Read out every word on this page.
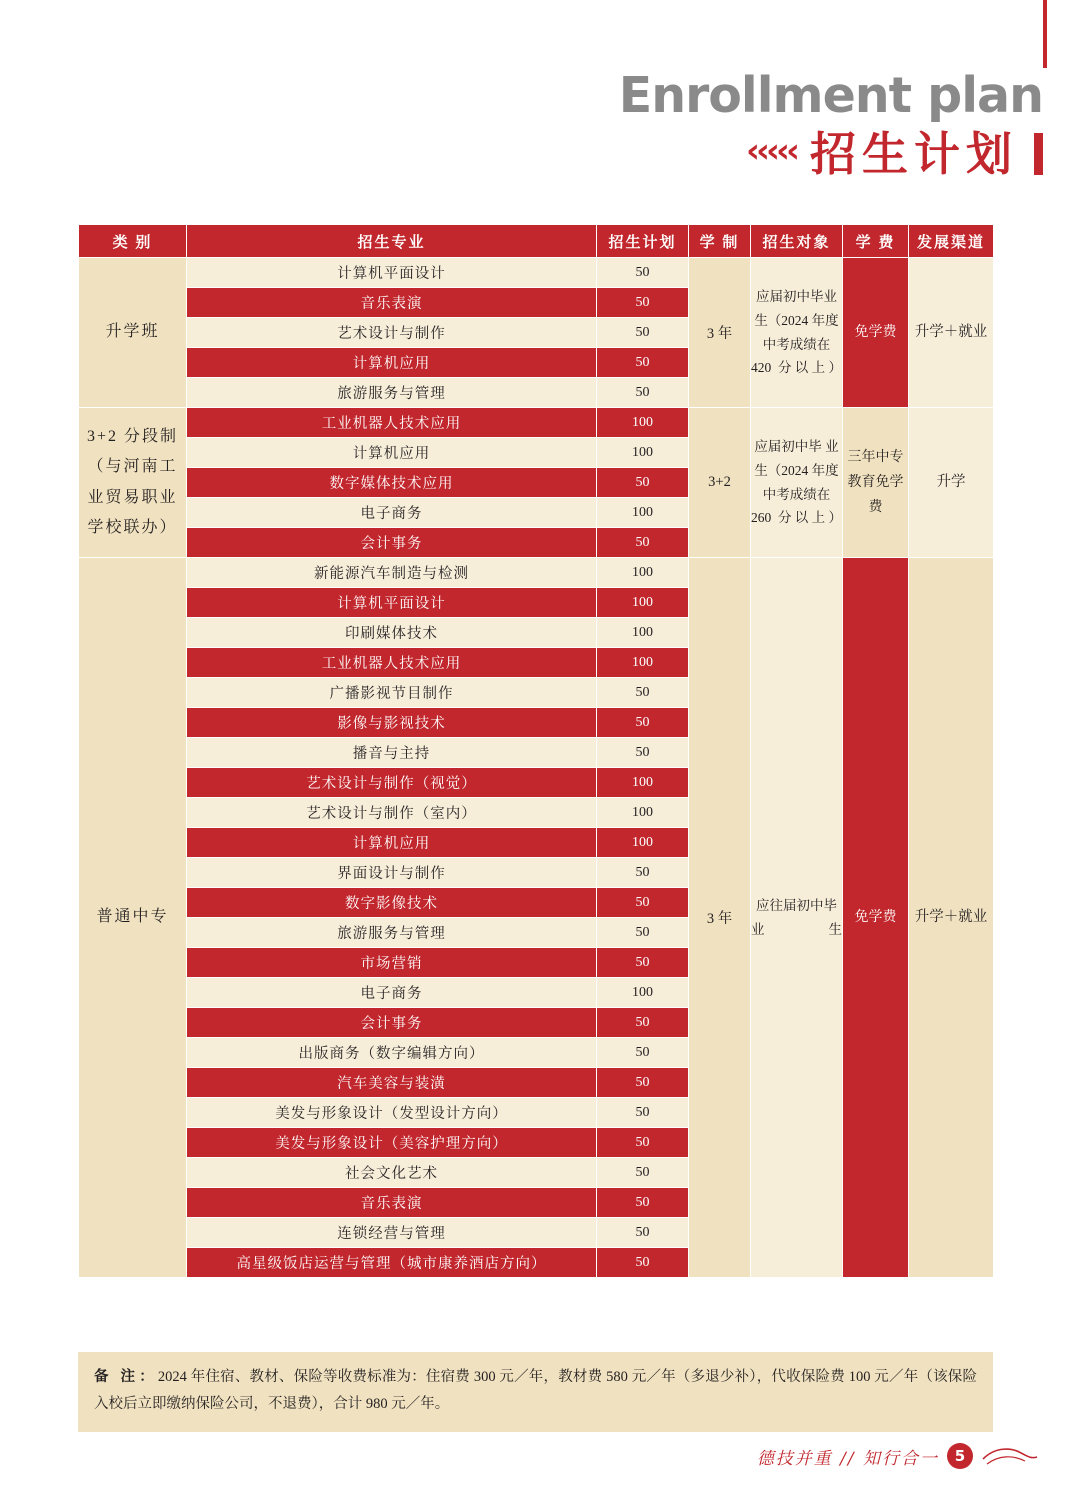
Enrollment plan

‹‹‹‹‹ 招生计划
类 别	招生专业	招生计划	学 制	招生对象	学 费	发展渠道
升学班	计算机平面设计	50	3 年	应届初中毕业生（2024 年度中考成绩在 420 分以上）	免学费	升学＋就业
	音乐表演	50				
	艺术设计与制作	50				
	计算机应用	50				
	旅游服务与管理	50				
3+2 分段制（与河南工业贸易职业学校联办）	工业机器人技术应用	100	3+2	应届初中毕 业 生（2024 年度中考成绩在 260 分以上）	三年中专教育免学费	升学
	计算机应用	100				
	数字媒体技术应用	50				
	电子商务	100				
	会计事务	50				
普通中专	新能源汽车制造与检测	100	3 年	应往届初中毕业生	免学费	升学＋就业
	计算机平面设计	100				
	印刷媒体技术	100				
	工业机器人技术应用	100				
	广播影视节目制作	50				
	影像与影视技术	50				
	播音与主持	50				
	艺术设计与制作（视觉）	100				
	艺术设计与制作（室内）	100				
	计算机应用	100				
	界面设计与制作	50				
	数字影像技术	50				
	旅游服务与管理	50				
	市场营销	50				
	电子商务	100				
	会计事务	50				
	出版商务（数字编辑方向）	50				
	汽车美容与装潢	50				
	美发与形象设计（发型设计方向）	50				
	美发与形象设计（美容护理方向）	50				
	社会文化艺术	50				
	音乐表演	50				
	连锁经营与管理	50				
	高星级饭店运营与管理（城市康养酒店方向）	50				
备 注：2024 年住宿、教材、保险等收费标准为：住宿费 300 元／年，教材费 580 元／年（多退少补），代收保险费 100 元／年（该保险入校后立即缴纳保险公司，不退费），合计 980 元／年。
德技并重 ∕∕ 知行合一	5
